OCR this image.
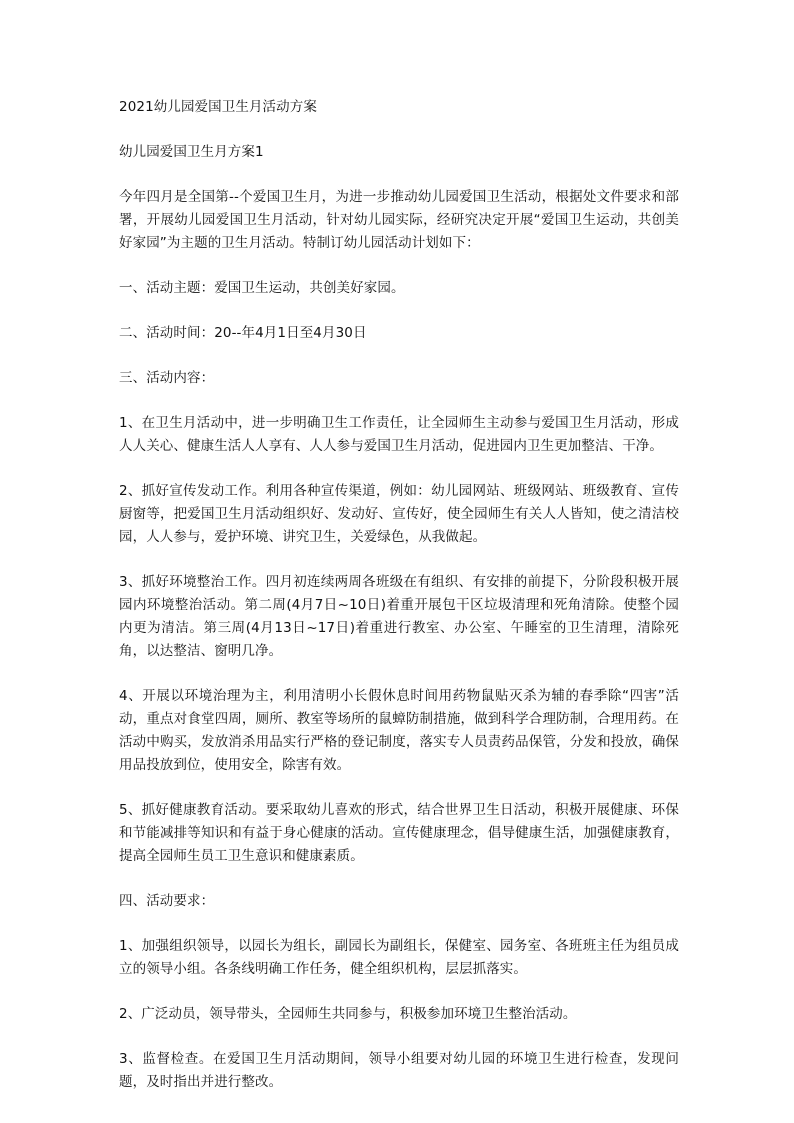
2021幼儿园爱国卫生月活动方案

幼儿园爱国卫生月方案1

今年四月是全国第--个爱国卫生月，为进一步推动幼儿园爱国卫生活动，根据处文件要求和部署，开展幼儿园爱国卫生月活动，针对幼儿园实际，经研究决定开展“爱国卫生运动，共创美好家园”为主题的卫生月活动。特制订幼儿园活动计划如下：

一、活动主题：爱国卫生运动，共创美好家园。

二、活动时间：20--年4月1日至4月30日

三、活动内容：

1、在卫生月活动中，进一步明确卫生工作责任，让全园师生主动参与爱国卫生月活动，形成人人关心、健康生活人人享有、人人参与爱国卫生月活动，促进园内卫生更加整洁、干净。

2、抓好宣传发动工作。利用各种宣传渠道，例如：幼儿园网站、班级网站、班级教育、宣传厨窗等，把爱国卫生月活动组织好、发动好、宣传好，使全园师生有关人人皆知，使之清洁校园，人人参与，爱护环境、讲究卫生，关爱绿色，从我做起。

3、抓好环境整治工作。四月初连续两周各班级在有组织、有安排的前提下，分阶段积极开展园内环境整治活动。第二周(4月7日~10日)着重开展包干区垃圾清理和死角清除。使整个园内更为清洁。第三周(4月13日~17日)着重进行教室、办公室、午睡室的卫生清理，清除死角，以达整洁、窗明几净。

4、开展以环境治理为主，利用清明小长假休息时间用药物鼠贴灭杀为辅的春季除“四害”活动，重点对食堂四周，厕所、教室等场所的鼠蟑防制措施，做到科学合理防制，合理用药。在活动中购买，发放消杀用品实行严格的登记制度，落实专人员责药品保管，分发和投放，确保用品投放到位，使用安全，除害有效。

5、抓好健康教育活动。要采取幼儿喜欢的形式，结合世界卫生日活动，积极开展健康、环保和节能减排等知识和有益于身心健康的活动。宣传健康理念，倡导健康生活，加强健康教育，提高全园师生员工卫生意识和健康素质。

四、活动要求：

1、加强组织领导，以园长为组长，副园长为副组长，保健室、园务室、各班班主任为组员成立的领导小组。各条线明确工作任务，健全组织机构，层层抓落实。

2、广泛动员，领导带头，全园师生共同参与，积极参加环境卫生整治活动。

3、监督检查。在爱国卫生月活动期间，领导小组要对幼儿园的环境卫生进行检查，发现问题，及时指出并进行整改。
